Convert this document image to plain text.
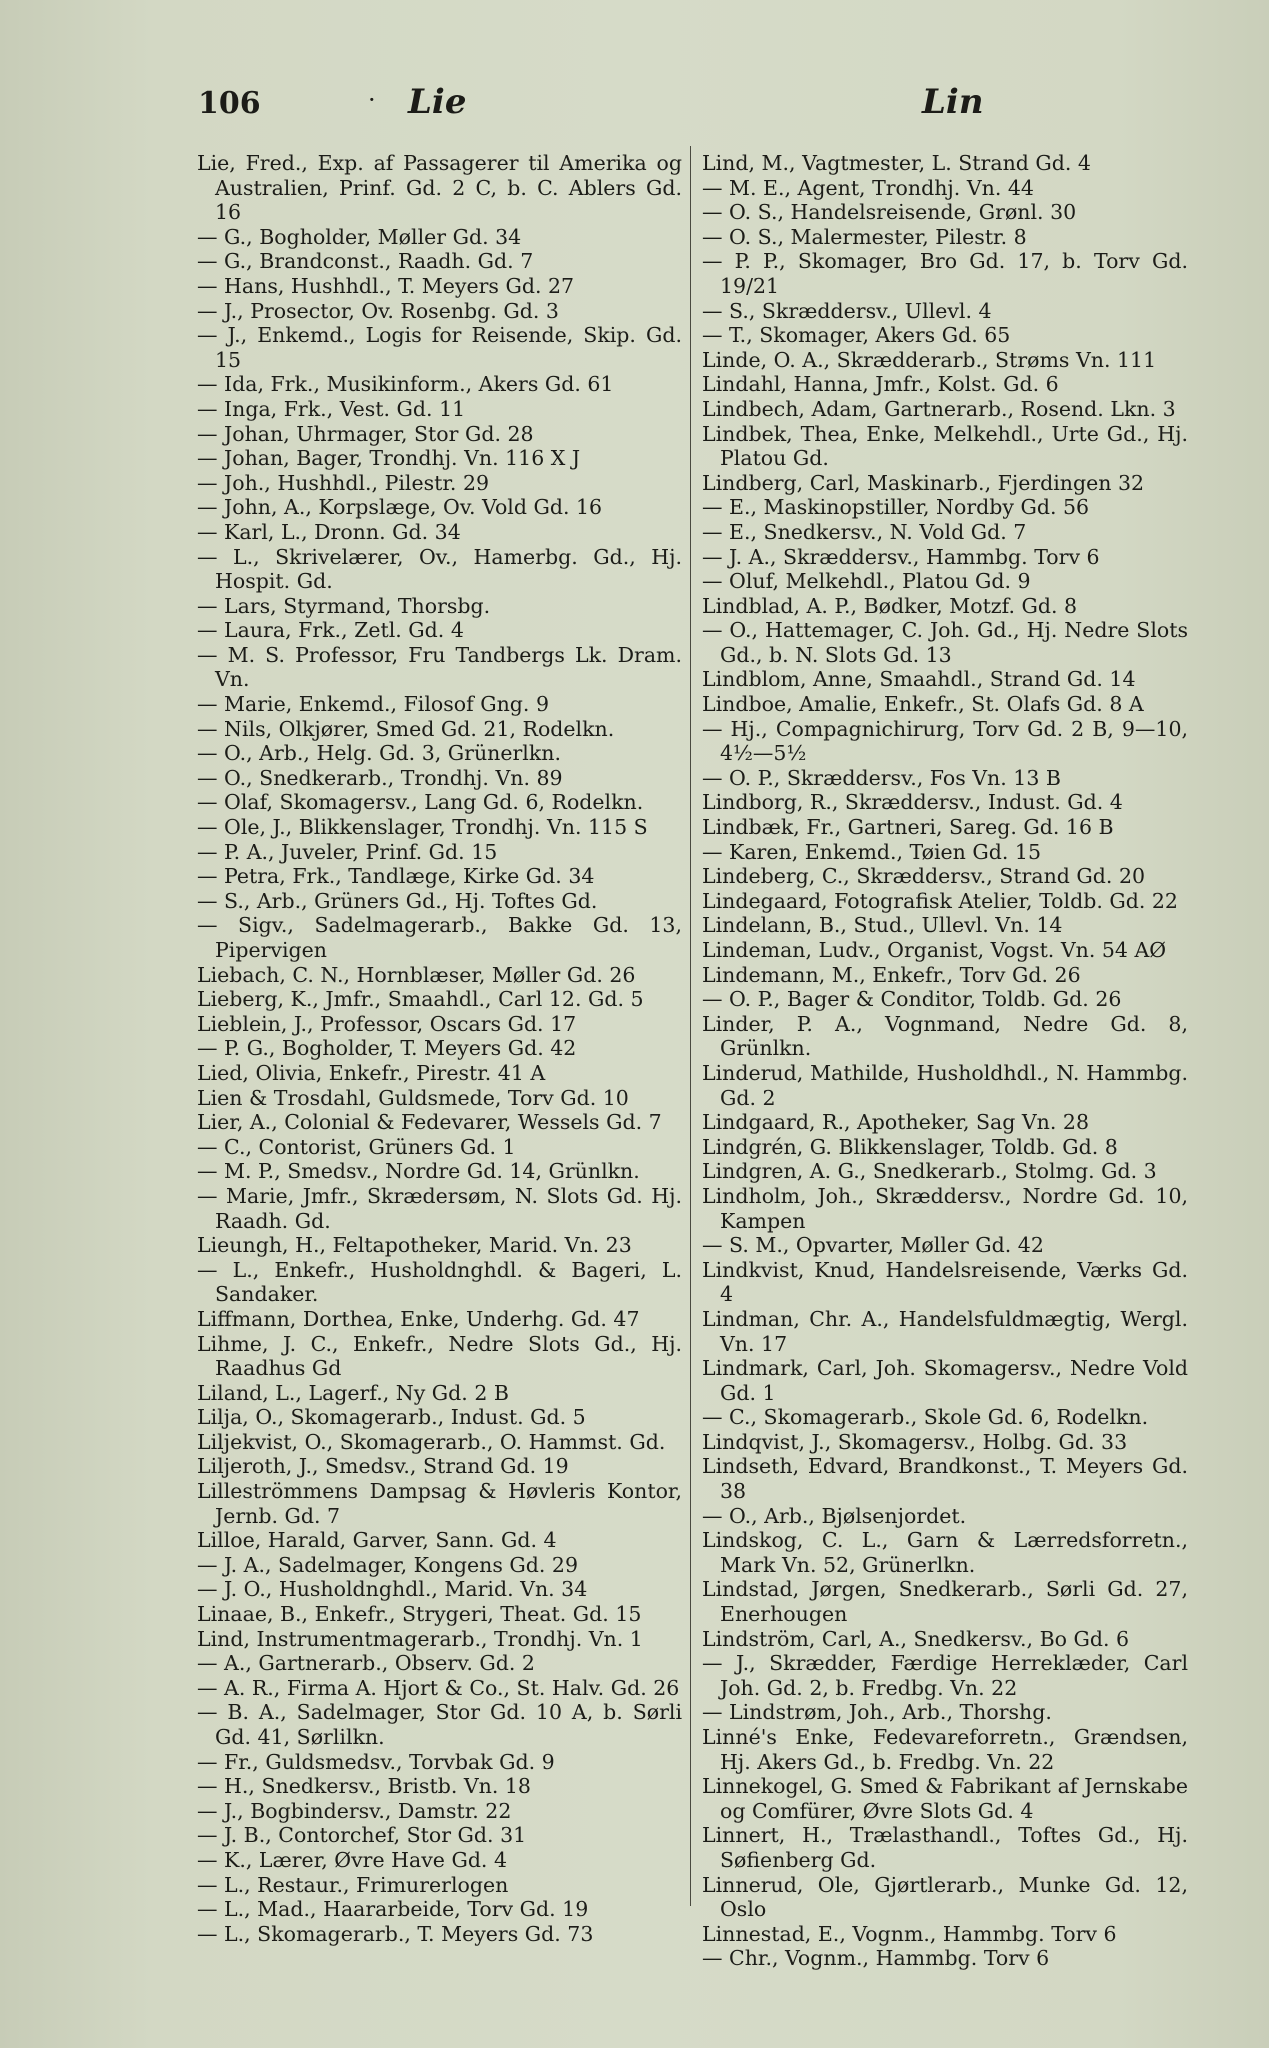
106	· Lie	Lin
Lie, Fred., Exp. af Passagerer til Amerika og Australien, Prinf. Gd. 2 C, b. C. Ablers Gd. 16
— G., Bogholder, Møller Gd. 34
— G., Brandconst., Raadh. Gd. 7
— Hans, Hushhdl., T. Meyers Gd. 27
— J., Prosector, Ov. Rosenbg. Gd. 3
— J., Enkemd., Logis for Reisende, Skip. Gd. 15
— Ida, Frk., Musikinform., Akers Gd. 61
— Inga, Frk., Vest. Gd. 11
— Johan, Uhrmager, Stor Gd. 28
— Johan, Bager, Trondhj. Vn. 116 X J
— Joh., Hushhdl., Pilestr. 29
— John, A., Korpslæge, Ov. Vold Gd. 16
— Karl, L., Dronn. Gd. 34
— L., Skrivelærer, Ov., Hamerbg. Gd., Hj. Hospit. Gd.
— Lars, Styrmand, Thorsbg.
— Laura, Frk., Zetl. Gd. 4
— M. S. Professor, Fru Tandbergs Lk. Dram. Vn.
— Marie, Enkemd., Filosof Gng. 9
— Nils, Olkjører, Smed Gd. 21, Rodelkn.
— O., Arb., Helg. Gd. 3, Grünerlkn.
— O., Snedkerarb., Trondhj. Vn. 89
— Olaf, Skomagersv., Lang Gd. 6, Rodelkn.
— Ole, J., Blikkenslager, Trondhj. Vn. 115 S
— P. A., Juveler, Prinf. Gd. 15
— Petra, Frk., Tandlæge, Kirke Gd. 34
— S., Arb., Grüners Gd., Hj. Toftes Gd.
— Sigv., Sadelmagerarb., Bakke Gd. 13, Pipervigen
Liebach, C. N., Hornblæser, Møller Gd. 26
Lieberg, K., Jmfr., Smaahdl., Carl 12. Gd. 5
Lieblein, J., Professor, Oscars Gd. 17
— P. G., Bogholder, T. Meyers Gd. 42
Lied, Olivia, Enkefr., Pirestr. 41 A
Lien & Trosdahl, Guldsmede, Torv Gd. 10
Lier, A., Colonial & Fedevarer, Wessels Gd. 7
— C., Contorist, Grüners Gd. 1
— M. P., Smedsv., Nordre Gd. 14, Grünlkn.
— Marie, Jmfr., Skrædersøm, N. Slots Gd. Hj. Raadh. Gd.
Lieungh, H., Feltapotheker, Marid. Vn. 23
— L., Enkefr., Husholdnghdl. & Bageri, L. Sandaker.
Liffmann, Dorthea, Enke, Underhg. Gd. 47
Lihme, J. C., Enkefr., Nedre Slots Gd., Hj. Raadhus Gd
Liland, L., Lagerf., Ny Gd. 2 B
Lilja, O., Skomagerarb., Indust. Gd. 5
Liljekvist, O., Skomagerarb., O. Hammst. Gd.
Liljeroth, J., Smedsv., Strand Gd. 19
Lilleströmmens Dampsag & Høvleris Kontor, Jernb. Gd. 7
Lilloe, Harald, Garver, Sann. Gd. 4
— J. A., Sadelmager, Kongens Gd. 29
— J. O., Husholdnghdl., Marid. Vn. 34
Linaae, B., Enkefr., Strygeri, Theat. Gd. 15
Lind, Instrumentmagerarb., Trondhj. Vn. 1
— A., Gartnerarb., Observ. Gd. 2
— A. R., Firma A. Hjort & Co., St. Halv. Gd. 26
— B. A., Sadelmager, Stor Gd. 10 A, b. Sørli Gd. 41, Sørlilkn.
— Fr., Guldsmedsv., Torvbak Gd. 9
— H., Snedkersv., Bristb. Vn. 18
— J., Bogbindersv., Damstr. 22
— J. B., Contorchef, Stor Gd. 31
— K., Lærer, Øvre Have Gd. 4
— L., Restaur., Frimurerlogen
— L., Mad., Haararbeide, Torv Gd. 19
— L., Skomagerarb., T. Meyers Gd. 73
Lind, M., Vagtmester, L. Strand Gd. 4
— M. E., Agent, Trondhj. Vn. 44
— O. S., Handelsreisende, Grønl. 30
— O. S., Malermester, Pilestr. 8
— P. P., Skomager, Bro Gd. 17, b. Torv Gd. 19/21
— S., Skræddersv., Ullevl. 4
— T., Skomager, Akers Gd. 65
Linde, O. A., Skrædderarb., Strøms Vn. 111
Lindahl, Hanna, Jmfr., Kolst. Gd. 6
Lindbech, Adam, Gartnerarb., Rosend. Lkn. 3
Lindbek, Thea, Enke, Melkehdl., Urte Gd., Hj. Platou Gd.
Lindberg, Carl, Maskinarb., Fjerdingen 32
— E., Maskinopstiller, Nordby Gd. 56
— E., Snedkersv., N. Vold Gd. 7
— J. A., Skræddersv., Hammbg. Torv 6
— Oluf, Melkehdl., Platou Gd. 9
Lindblad, A. P., Bødker, Motzf. Gd. 8
— O., Hattemager, C. Joh. Gd., Hj. Nedre Slots Gd., b. N. Slots Gd. 13
Lindblom, Anne, Smaahdl., Strand Gd. 14
Lindboe, Amalie, Enkefr., St. Olafs Gd. 8 A
— Hj., Compagnichirurg, Torv Gd. 2 B, 9—10, 4½—5½
— O. P., Skræddersv., Fos Vn. 13 B
Lindborg, R., Skræddersv., Indust. Gd. 4
Lindbæk, Fr., Gartneri, Sareg. Gd. 16 B
— Karen, Enkemd., Tøien Gd. 15
Lindeberg, C., Skræddersv., Strand Gd. 20
Lindegaard, Fotografisk Atelier, Toldb. Gd. 22
Lindelann, B., Stud., Ullevl. Vn. 14
Lindeman, Ludv., Organist, Vogst. Vn. 54 AØ
Lindemann, M., Enkefr., Torv Gd. 26
— O. P., Bager & Conditor, Toldb. Gd. 26
Linder, P. A., Vognmand, Nedre Gd. 8, Grünlkn.
Linderud, Mathilde, Husholdhdl., N. Hammbg. Gd. 2
Lindgaard, R., Apotheker, Sag Vn. 28
Lindgrén, G. Blikkenslager, Toldb. Gd. 8
Lindgren, A. G., Snedkerarb., Stolmg. Gd. 3
Lindholm, Joh., Skræddersv., Nordre Gd. 10, Kampen
— S. M., Opvarter, Møller Gd. 42
Lindkvist, Knud, Handelsreisende, Værks Gd. 4
Lindman, Chr. A., Handelsfuldmægtig, Wergl. Vn. 17
Lindmark, Carl, Joh. Skomagersv., Nedre Vold Gd. 1
— C., Skomagerarb., Skole Gd. 6, Rodelkn.
Lindqvist, J., Skomagersv., Holbg. Gd. 33
Lindseth, Edvard, Brandkonst., T. Meyers Gd. 38
— O., Arb., Bjølsenjordet.
Lindskog, C. L., Garn & Lærredsforretn., Mark Vn. 52, Grünerlkn.
Lindstad, Jørgen, Snedkerarb., Sørli Gd. 27, Enerhougen
Lindström, Carl, A., Snedkersv., Bo Gd. 6
— J., Skrædder, Færdige Herreklæder, Carl Joh. Gd. 2, b. Fredbg. Vn. 22
— Lindstrøm, Joh., Arb., Thorshg.
Linné's Enke, Fedevareforretn., Grændsen, Hj. Akers Gd., b. Fredbg. Vn. 22
Linnekogel, G. Smed & Fabrikant af Jernskabe og Comfürer, Øvre Slots Gd. 4
Linnert, H., Trælasthandl., Toftes Gd., Hj. Søfienberg Gd.
Linnerud, Ole, Gjørtlerarb., Munke Gd. 12, Oslo
Linnestad, E., Vognm., Hammbg. Torv 6
— Chr., Vognm., Hammbg. Torv 6
